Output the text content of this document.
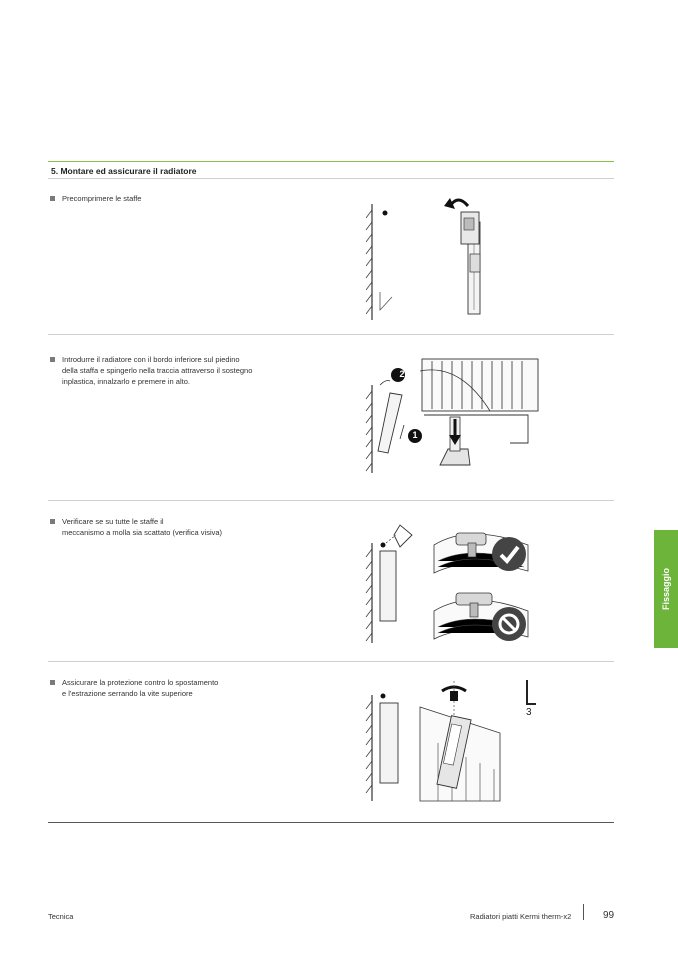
5. Montare ed assicurare il radiatore
Precomprimere le staffe
Introdurre il radiatore con il bordo inferiore sul piedino
della staffa e spingerlo nella traccia attraverso il sostegno
inplastica, innalzarlo e premere in alto.
2
1
Verificare se su tutte le staffe il
meccanismo a molla sia scattato (verifica visiva)
Assicurare la protezione contro lo spostamento
e l'estrazione serrando la vite superiore
3
Fissaggio
Tecnica	Radiatori piatti Kermi therm-x2	99
